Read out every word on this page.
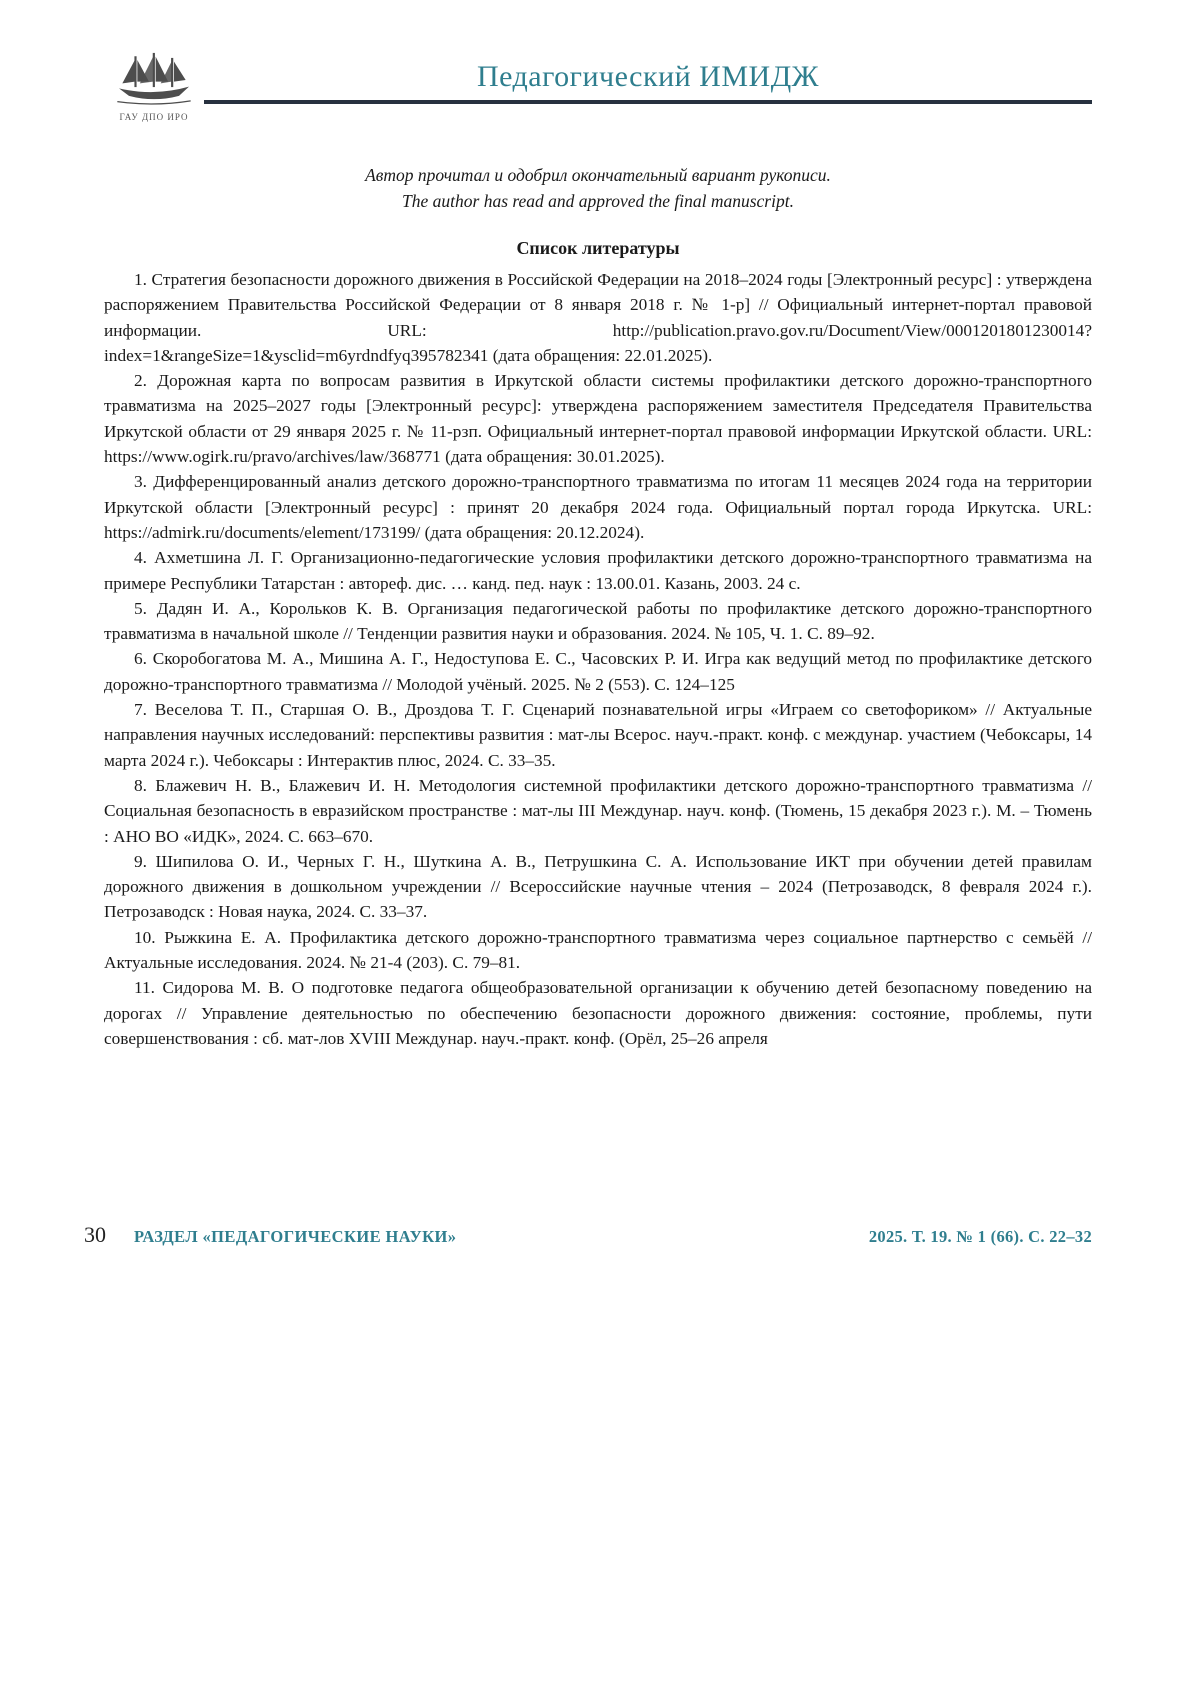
ГАУ ДПО ИРО
Педагогический ИМИДЖ
Автор прочитал и одобрил окончательный вариант рукописи.
The author has read and approved the final manuscript.
Список литературы

1. Стратегия безопасности дорожного движения в Российской Федерации на 2018–2024 годы [Электронный ресурс] : утверждена распоряжением Правительства Российской Федерации от 8 января 2018 г. № 1-р] // Официальный интернет-портал правовой информации. URL: http://publication.pravo.gov.ru/Document/View/0001201801230014?index=1&rangeSize=1&ysclid=m6yrdndfyq395782341 (дата обращения: 22.01.2025).

2. Дорожная карта по вопросам развития в Иркутской области системы профилактики детского дорожно-транспортного травматизма на 2025–2027 годы [Электронный ресурс]: утверждена распоряжением заместителя Председателя Правительства Иркутской области от 29 января 2025 г. № 11-рзп. Официальный интернет-портал правовой информации Иркутской области. URL: https://www.ogirk.ru/pravo/archives/law/368771 (дата обращения: 30.01.2025).

3. Дифференцированный анализ детского дорожно-транспортного травматизма по итогам 11 месяцев 2024 года на территории Иркутской области [Электронный ресурс] : принят 20 декабря 2024 года. Официальный портал города Иркутска. URL: https://admirk.ru/documents/element/173199/ (дата обращения: 20.12.2024).

4. Ахметшина Л. Г. Организационно-педагогические условия профилактики детского дорожно-транспортного травматизма на примере Республики Татарстан : автореф. дис. … канд. пед. наук : 13.00.01. Казань, 2003. 24 с.

5. Дадян И. А., Корольков К. В. Организация педагогической работы по профилактике детского дорожно-транспортного травматизма в начальной школе // Тенденции развития науки и образования. 2024. № 105, Ч. 1. С. 89–92.

6. Скоробогатова М. А., Мишина А. Г., Недоступова Е. С., Часовских Р. И. Игра как ведущий метод по профилактике детского дорожно-транспортного травматизма // Молодой учёный. 2025. № 2 (553). С. 124–125

7. Веселова Т. П., Старшая О. В., Дроздова Т. Г. Сценарий познавательной игры «Играем со светофориком» // Актуальные направления научных исследований: перспективы развития : мат-лы Всерос. науч.-практ. конф. с междунар. участием (Чебоксары, 14 марта 2024 г.). Чебоксары : Интерактив плюс, 2024. С. 33–35.

8. Блажевич Н. В., Блажевич И. Н. Методология системной профилактики детского дорожно-транспортного травматизма // Социальная безопасность в евразийском пространстве : мат-лы III Междунар. науч. конф. (Тюмень, 15 декабря 2023 г.). М. – Тюмень : АНО ВО «ИДК», 2024. С. 663–670.

9. Шипилова О. И., Черных Г. Н., Шуткина А. В., Петрушкина С. А. Использование ИКТ при обучении детей правилам дорожного движения в дошкольном учреждении // Всероссийские научные чтения – 2024 (Петрозаводск, 8 февраля 2024 г.). Петрозаводск : Новая наука, 2024. С. 33–37.

10. Рыжкина Е. А. Профилактика детского дорожно-транспортного травматизма через социальное партнерство с семьёй // Актуальные исследования. 2024. № 21-4 (203). С. 79–81.

11. Сидорова М. В. О подготовке педагога общеобразовательной организации к обучению детей безопасному поведению на дорогах // Управление деятельностью по обеспечению безопасности дорожного движения: состояние, проблемы, пути совершенствования : сб. мат-лов XVIII Междунар. науч.-практ. конф. (Орёл, 25–26 апреля

30 РАЗДЕЛ «ПЕДАГОГИЧЕСКИЕ НАУКИ»	2025. Т. 19. № 1 (66). С. 22–32
